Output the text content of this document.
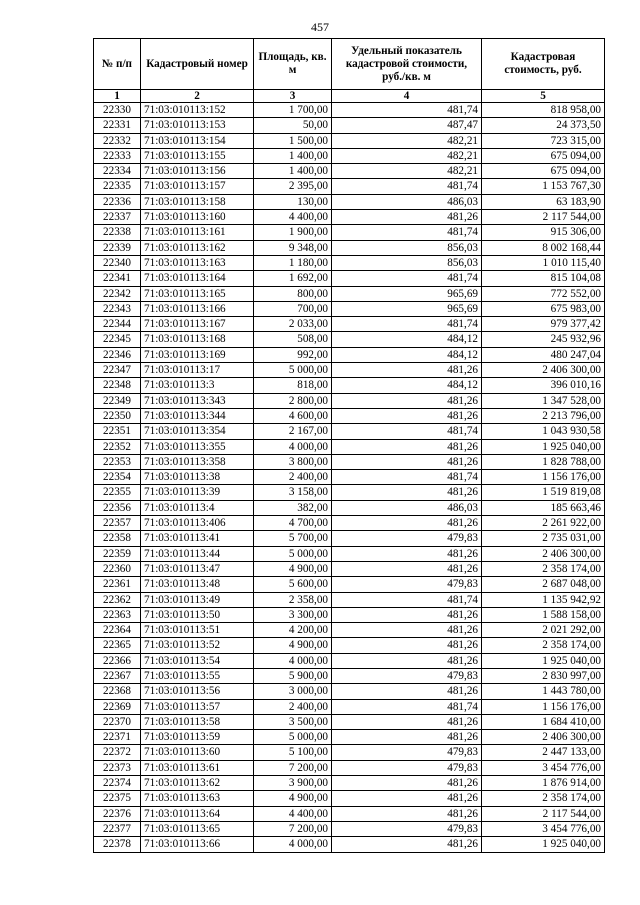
457
№ п/п	Кадастровый номер	Площадь, кв. м	Удельный показатель кадастровой стоимости, руб./кв. м	Кадастровая стоимость, руб.
1	2	3	4	5
22330	71:03:010113:152	1 700,00	481,74	818 958,00
22331	71:03:010113:153	50,00	487,47	24 373,50
22332	71:03:010113:154	1 500,00	482,21	723 315,00
22333	71:03:010113:155	1 400,00	482,21	675 094,00
22334	71:03:010113:156	1 400,00	482,21	675 094,00
22335	71:03:010113:157	2 395,00	481,74	1 153 767,30
22336	71:03:010113:158	130,00	486,03	63 183,90
22337	71:03:010113:160	4 400,00	481,26	2 117 544,00
22338	71:03:010113:161	1 900,00	481,74	915 306,00
22339	71:03:010113:162	9 348,00	856,03	8 002 168,44
22340	71:03:010113:163	1 180,00	856,03	1 010 115,40
22341	71:03:010113:164	1 692,00	481,74	815 104,08
22342	71:03:010113:165	800,00	965,69	772 552,00
22343	71:03:010113:166	700,00	965,69	675 983,00
22344	71:03:010113:167	2 033,00	481,74	979 377,42
22345	71:03:010113:168	508,00	484,12	245 932,96
22346	71:03:010113:169	992,00	484,12	480 247,04
22347	71:03:010113:17	5 000,00	481,26	2 406 300,00
22348	71:03:010113:3	818,00	484,12	396 010,16
22349	71:03:010113:343	2 800,00	481,26	1 347 528,00
22350	71:03:010113:344	4 600,00	481,26	2 213 796,00
22351	71:03:010113:354	2 167,00	481,74	1 043 930,58
22352	71:03:010113:355	4 000,00	481,26	1 925 040,00
22353	71:03:010113:358	3 800,00	481,26	1 828 788,00
22354	71:03:010113:38	2 400,00	481,74	1 156 176,00
22355	71:03:010113:39	3 158,00	481,26	1 519 819,08
22356	71:03:010113:4	382,00	486,03	185 663,46
22357	71:03:010113:406	4 700,00	481,26	2 261 922,00
22358	71:03:010113:41	5 700,00	479,83	2 735 031,00
22359	71:03:010113:44	5 000,00	481,26	2 406 300,00
22360	71:03:010113:47	4 900,00	481,26	2 358 174,00
22361	71:03:010113:48	5 600,00	479,83	2 687 048,00
22362	71:03:010113:49	2 358,00	481,74	1 135 942,92
22363	71:03:010113:50	3 300,00	481,26	1 588 158,00
22364	71:03:010113:51	4 200,00	481,26	2 021 292,00
22365	71:03:010113:52	4 900,00	481,26	2 358 174,00
22366	71:03:010113:54	4 000,00	481,26	1 925 040,00
22367	71:03:010113:55	5 900,00	479,83	2 830 997,00
22368	71:03:010113:56	3 000,00	481,26	1 443 780,00
22369	71:03:010113:57	2 400,00	481,74	1 156 176,00
22370	71:03:010113:58	3 500,00	481,26	1 684 410,00
22371	71:03:010113:59	5 000,00	481,26	2 406 300,00
22372	71:03:010113:60	5 100,00	479,83	2 447 133,00
22373	71:03:010113:61	7 200,00	479,83	3 454 776,00
22374	71:03:010113:62	3 900,00	481,26	1 876 914,00
22375	71:03:010113:63	4 900,00	481,26	2 358 174,00
22376	71:03:010113:64	4 400,00	481,26	2 117 544,00
22377	71:03:010113:65	7 200,00	479,83	3 454 776,00
22378	71:03:010113:66	4 000,00	481,26	1 925 040,00
